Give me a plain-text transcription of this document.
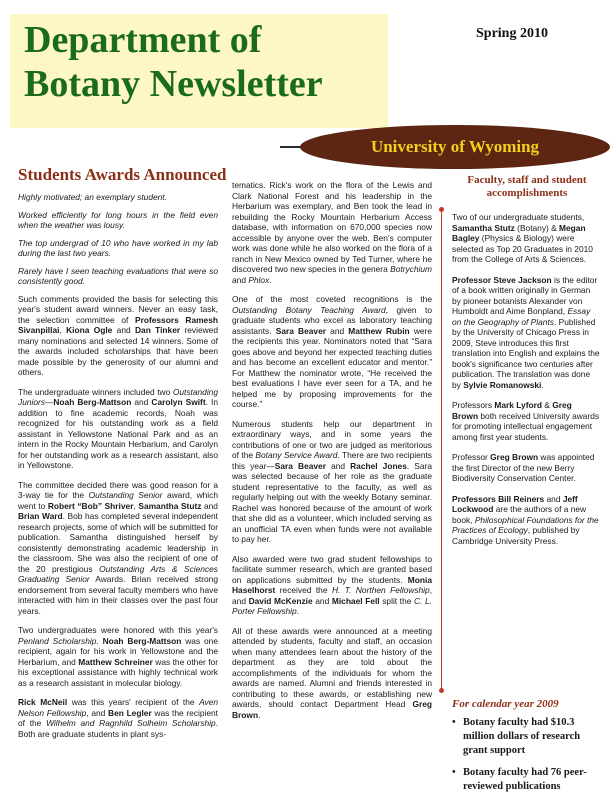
Department of
Botany Newsletter
Spring 2010
University of Wyoming
Students Awards Announced

Highly motivated; an exemplary student.

Worked efficiently for long hours in the field even when the weather was lousy.

The top undergrad of 10 who have worked in my lab during the last two years.

Rarely have I seen teaching evaluations that were so consistently good.

Such comments provided the basis for selecting this year's student award winners. Never an easy task, the selection committee of Professors Ramesh Sivanpillai, Kiona Ogle and Dan Tinker reviewed many nominations and selected 14 winners. Some of the awards included scholarships that have been made possible by the generosity of our alumni and others.

The undergraduate winners included two Outstanding Juniors—Noah Berg-Mattson and Carolyn Swift. In addition to fine academic records, Noah was recognized for his outstanding work as a field assistant in Yellowstone National Park and as an intern in the Rocky Mountain Herbarium, and Carolyn for her outstanding work as a research assistant, also in Yellowstone.

The committee decided there was good reason for a 3-way tie for the Outstanding Senior award, which went to Robert “Bob” Shriver, Samantha Stutz and Brian Ward. Bob has completed several independent research projects, some of which will be submitted for publication. Samantha distinguished herself by consistently demonstrating academic leadership in the classroom. She was also the recipient of one of the 20 prestigious Outstanding Arts & Sciences Graduating Senior Awards. Brian received strong endorsement from several faculty members who have interacted with him in their classes over the past four years.

Two undergraduates were honored with this year's Penland Scholarship. Noah Berg-Mattson was one recipient, again for his work in Yellowstone and the Herbarium, and Matthew Schreiner was the other for his exceptional assistance with highly technical work as a research assistant in molecular biology.

Rick McNeil was this years' recipient of the Aven Nelson Fellowship, and Ben Legler was the recipient of the Wilhelm and Ragnhild Solheim Scholarship. Both are graduate students in plant sys-

tematics. Rick's work on the flora of the Lewis and Clark National Forest and his leadership in the Herbarium was exemplary, and Ben took the lead in rebuilding the Rocky Mountain Herbarium Access database, with information on 670,000 species now accessible by anyone over the web. Ben's computer work was done while he also worked on the flora of a ranch in New Mexico owned by Ted Turner, where he discovered two new species in the genera Botrychium and Phlox.

One of the most coveted recognitions is the Outstanding Botany Teaching Award, given to graduate students who excel as laboratory teaching assistants. Sara Beaver and Matthew Rubin were the recipients this year. Nominators noted that “Sara goes above and beyond her expected teaching duties and has become an excellent educator and mentor.” For Matthew the nominator wrote, “He received the best evaluations I have ever seen for a TA, and he helped me by proposing improvements for the course.”

Numerous students help our department in extraordinary ways, and in some years the contributions of one or two are judged as meritorious of the Botany Service Award. There are two recipients this year—Sara Beaver and Rachel Jones. Sara was selected because of her role as the graduate student representative to the faculty, as well as regularly helping out with the weekly Botany seminar. Rachel was honored because of the amount of work that she did as a volunteer, which included serving as an unofficial TA even when funds were not available to pay her.

Also awarded were two grad student fellowships to facilitate summer research, which are granted based on applications submitted by the students. Monia Haselhorst received the H. T. Northen Fellowship, and David McKenzie and Michael Fell split the C. L. Porter Fellowship.

All of these awards were announced at a meeting attended by students, faculty and staff, an occasion when many attendees learn about the history of the department as they are told about the accomplishments of the individuals for whom the awards are named. Alumni and friends interested in contributing to these awards, or establishing new awards, should contact Department Head Greg Brown.

Faculty, staff and student accomplishments

Two of our undergraduate students, Samantha Stutz (Botany) & Megan Bagley (Physics & Biology) were selected as Top 20 Graduates in 2010 from the College of Arts & Sciences.

Professor Steve Jackson is the editor of a book written originally in German by pioneer botanists Alexander von Humboldt and Aime Bonpland, Essay on the Geography of Plants. Published by the University of Chicago Press in 2009, Steve introduces this first translation into English and explains the book's significance two centuries after publication. The translation was done by Sylvie Romanowski.

Professors Mark Lyford & Greg Brown both received University awards for promoting intellectual engagement among first year students.

Professor Greg Brown was appointed the first Director of the new Berry Biodiversity Conservation Center.

Professors Bill Reiners and Jeff Lockwood are the authors of a new book, Philosophical Foundations for the Practices of Ecology, published by Cambridge University Press.

For calendar year 2009
• Botany faculty had $10.3 million dollars of research grant support
• Botany faculty had 76 peer-reviewed publications
